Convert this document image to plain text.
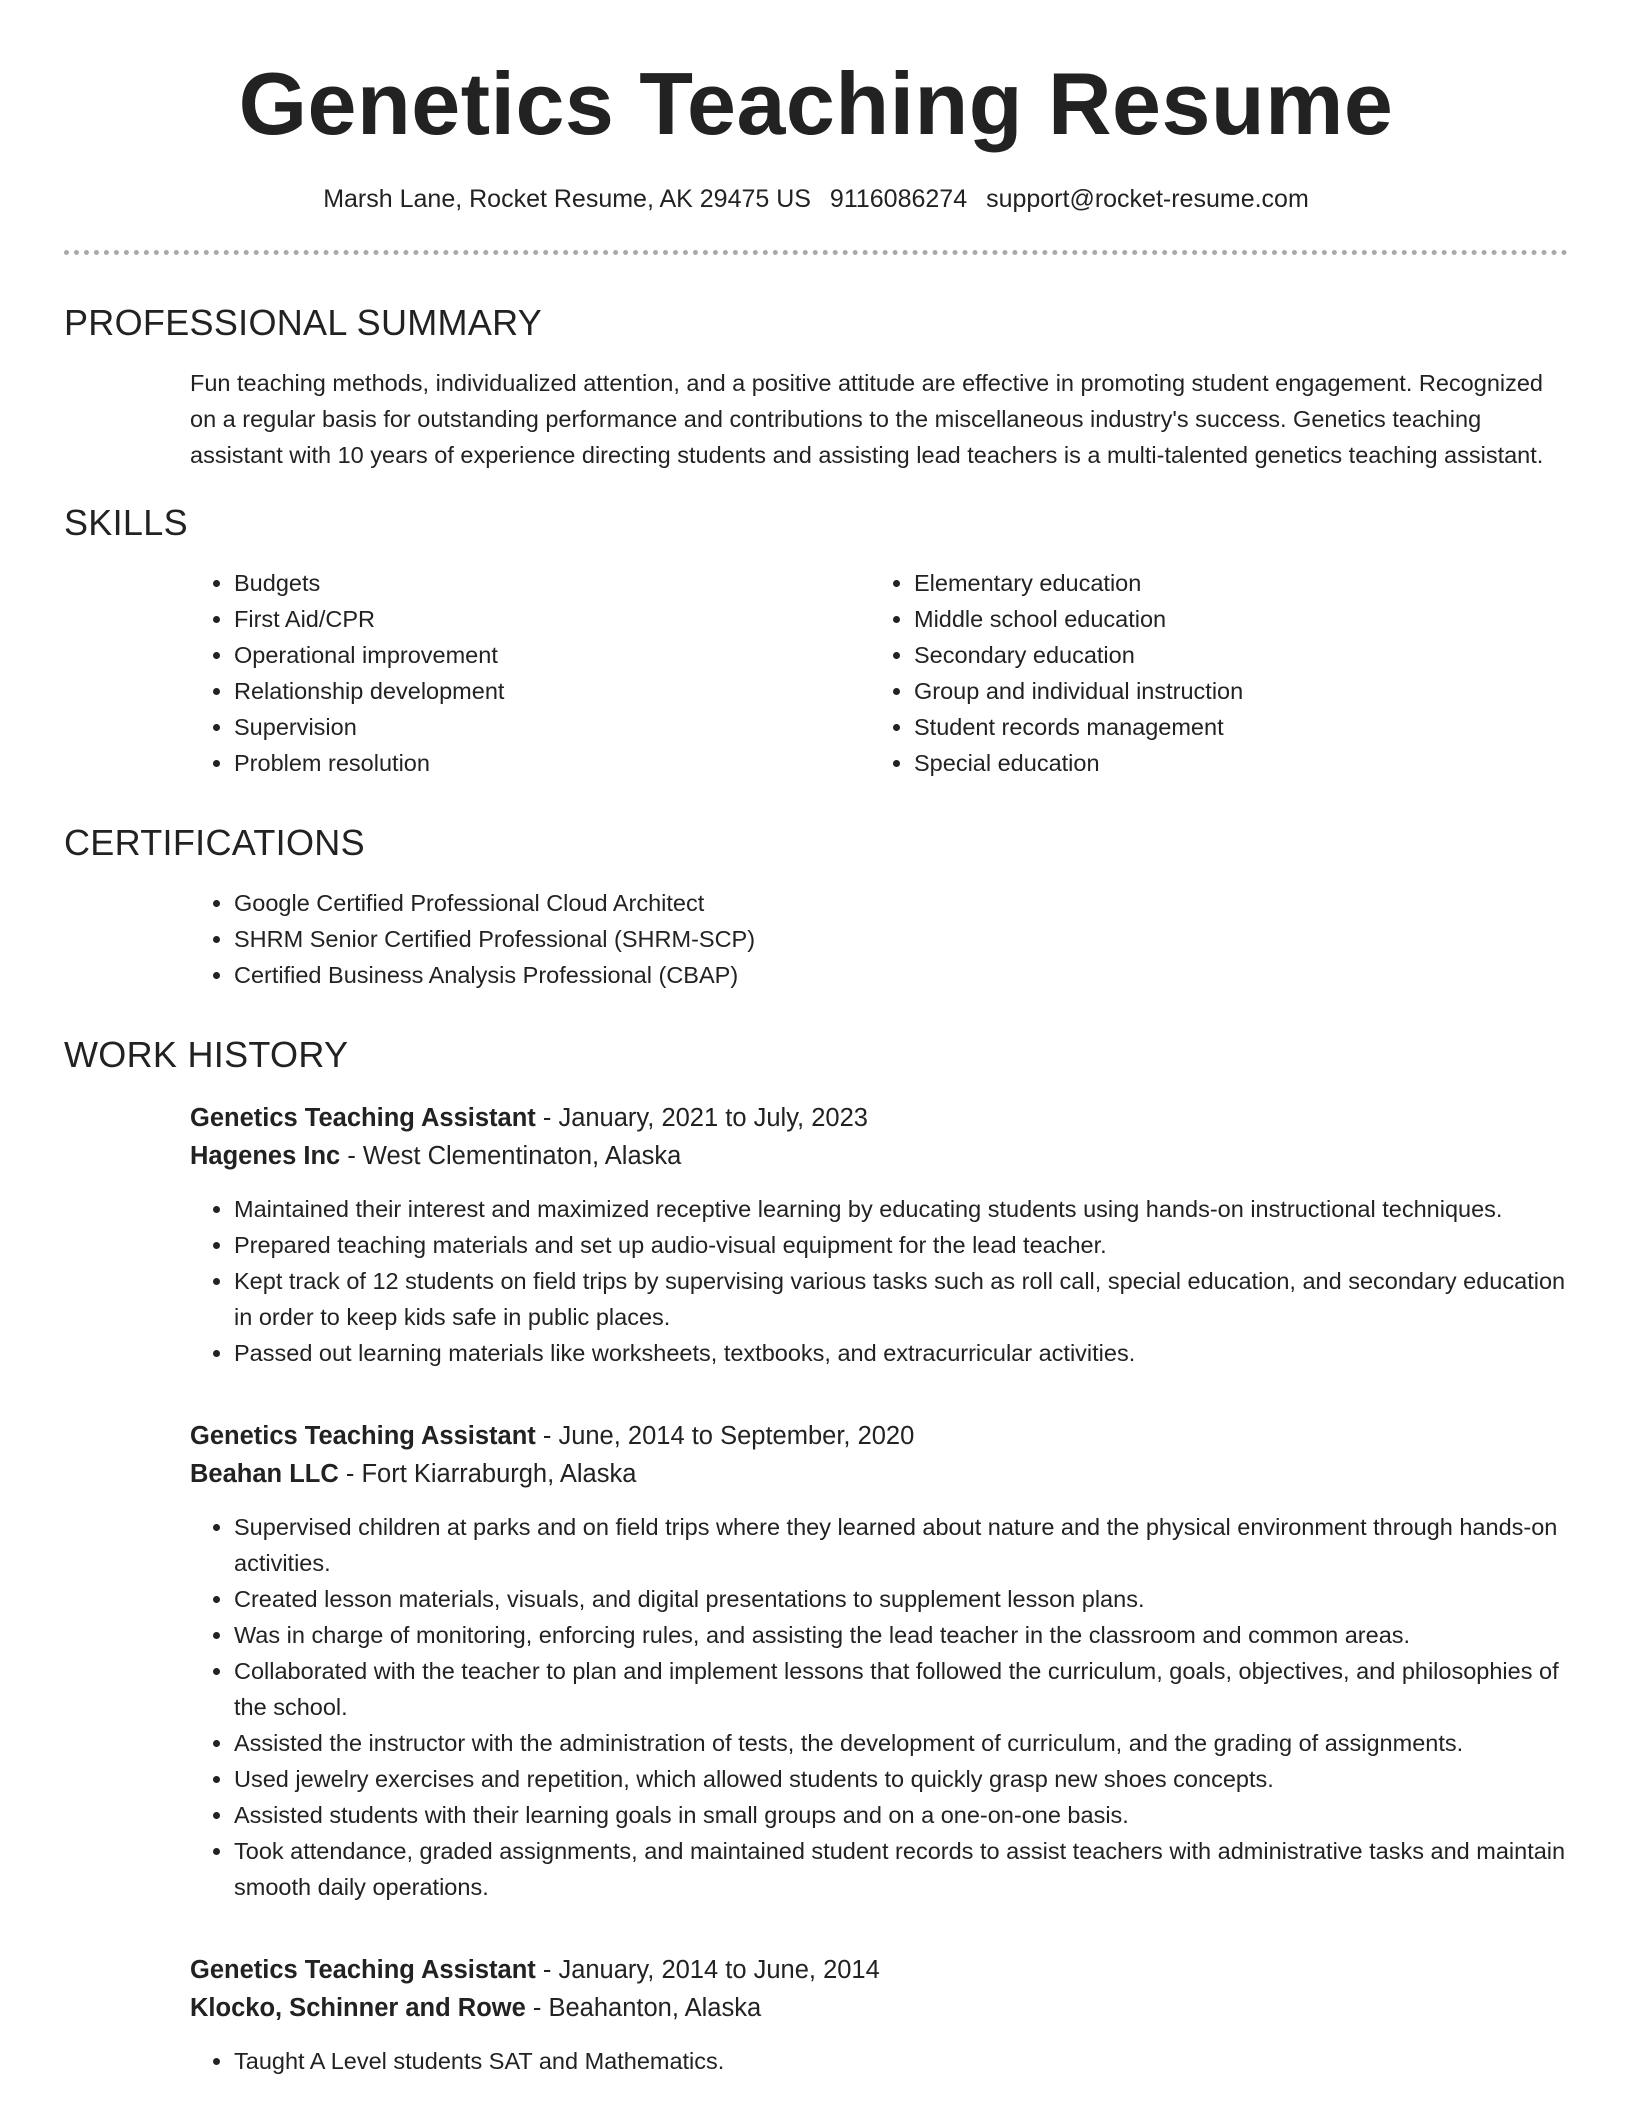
Genetics Teaching Resume
Marsh Lane, Rocket Resume, AK 29475 US 9116086274 support@rocket-resume.com
PROFESSIONAL SUMMARY

Fun teaching methods, individualized attention, and a positive attitude are effective in promoting student engagement. Recognized on a regular basis for outstanding performance and contributions to the miscellaneous industry's success. Genetics teaching assistant with 10 years of experience directing students and assisting lead teachers is a multi-talented genetics teaching assistant.

SKILLS
• Budgets
• First Aid/CPR
• Operational improvement
• Relationship development
• Supervision
• Problem resolution
• Elementary education
• Middle school education
• Secondary education
• Group and individual instruction
• Student records management
• Special education
CERTIFICATIONS
• Google Certified Professional Cloud Architect
• SHRM Senior Certified Professional (SHRM-SCP)
• Certified Business Analysis Professional (CBAP)
WORK HISTORY
Genetics Teaching Assistant - January, 2021 to July, 2023
Hagenes Inc - West Clementinaton, Alaska
• Maintained their interest and maximized receptive learning by educating students using hands-on instructional techniques.
• Prepared teaching materials and set up audio-visual equipment for the lead teacher.
• Kept track of 12 students on field trips by supervising various tasks such as roll call, special education, and secondary education in order to keep kids safe in public places.
• Passed out learning materials like worksheets, textbooks, and extracurricular activities.
Genetics Teaching Assistant - June, 2014 to September, 2020
Beahan LLC - Fort Kiarraburgh, Alaska
• Supervised children at parks and on field trips where they learned about nature and the physical environment through hands-on activities.
• Created lesson materials, visuals, and digital presentations to supplement lesson plans.
• Was in charge of monitoring, enforcing rules, and assisting the lead teacher in the classroom and common areas.
• Collaborated with the teacher to plan and implement lessons that followed the curriculum, goals, objectives, and philosophies of the school.
• Assisted the instructor with the administration of tests, the development of curriculum, and the grading of assignments.
• Used jewelry exercises and repetition, which allowed students to quickly grasp new shoes concepts.
• Assisted students with their learning goals in small groups and on a one-on-one basis.
• Took attendance, graded assignments, and maintained student records to assist teachers with administrative tasks and maintain smooth daily operations.
Genetics Teaching Assistant - January, 2014 to June, 2014
Klocko, Schinner and Rowe - Beahanton, Alaska
• Taught A Level students SAT and Mathematics.
